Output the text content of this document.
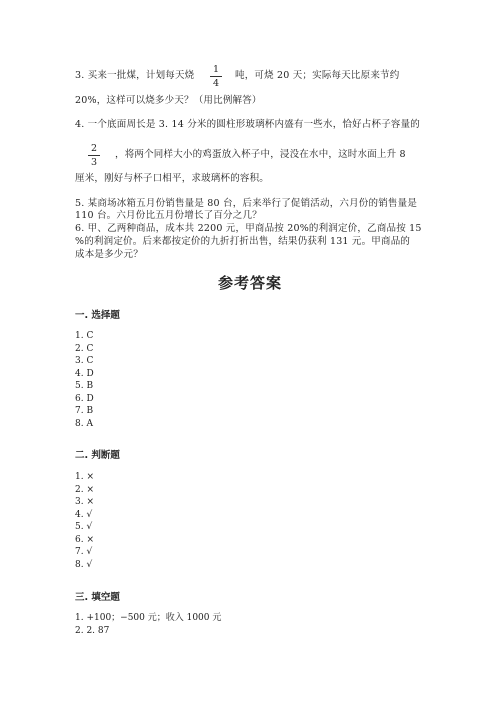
3. 买来一批煤，计划每天烧
1
4
吨，可烧 20 天；实际每天比原来节约
20%，这样可以烧多少天？（用比例解答）
4. 一个底面周长是 3. 14 分米的圆柱形玻璃杯内盛有一些水，恰好占杯子容量的
2
3
，将两个同样大小的鸡蛋放入杯子中，浸没在水中，这时水面上升 8
厘米，刚好与杯子口相平，求玻璃杯的容积。
5. 某商场冰箱五月份销售量是 80 台，后来举行了促销活动，六月份的销售量是
110 台。六月份比五月份增长了百分之几？
6. 甲、乙两种商品，成本共 2200 元，甲商品按 20%的利润定价，乙商品按 15
%的利润定价。后来都按定价的九折打折出售，结果仍获利 131 元。甲商品的
成本是多少元？
参考答案
一. 选择题
1. C
2. C
3. C
4. D
5. B
6. D
7. B
8. A
二. 判断题
1. ×
2. ×
3. ×
4. √
5. √
6. ×
7. √
8. √
三. 填空题
1. +100；−500 元；收入 1000 元
2. 2. 87
